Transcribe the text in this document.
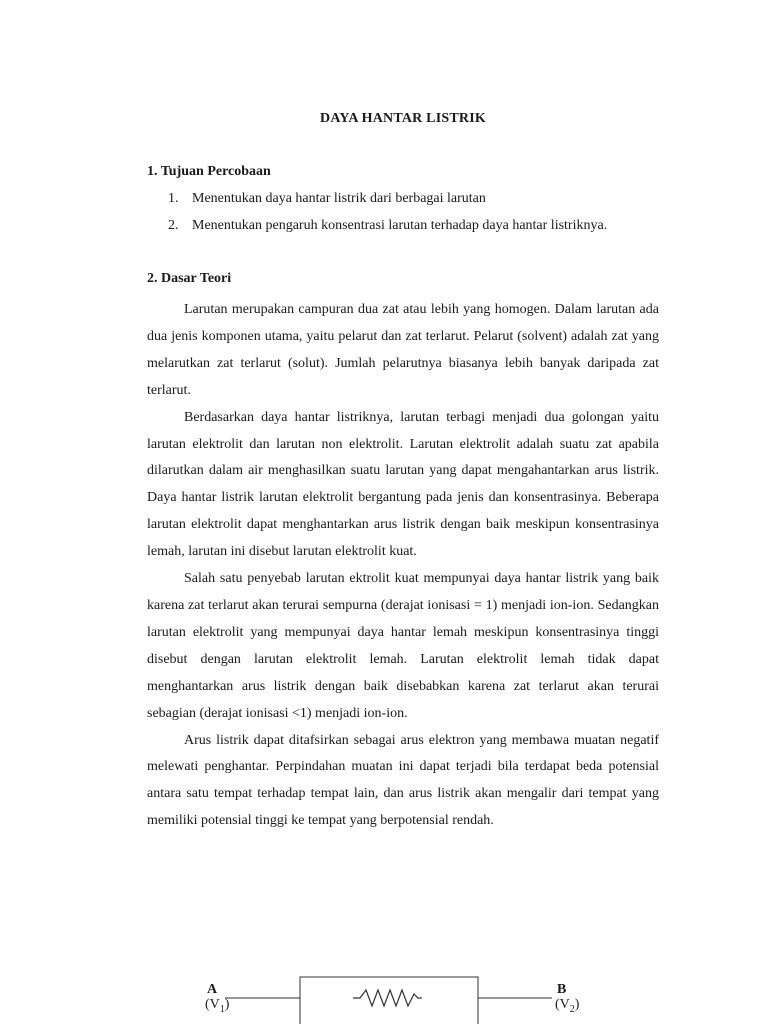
DAYA HANTAR LISTRIK
1. Tujuan Percobaan
1. Menentukan daya hantar listrik dari berbagai larutan
2. Menentukan pengaruh konsentrasi larutan terhadap daya hantar listriknya.
2. Dasar Teori

Larutan merupakan campuran dua zat atau lebih yang homogen. Dalam larutan ada dua jenis komponen utama, yaitu pelarut dan zat terlarut. Pelarut (solvent) adalah zat yang melarutkan zat terlarut (solut). Jumlah pelarutnya biasanya lebih banyak daripada zat terlarut.

Berdasarkan daya hantar listriknya, larutan terbagi menjadi dua golongan yaitu larutan elektrolit dan larutan non elektrolit. Larutan elektrolit adalah suatu zat apabila dilarutkan dalam air menghasilkan suatu larutan yang dapat mengahantarkan arus listrik. Daya hantar listrik larutan elektrolit bergantung pada jenis dan konsentrasinya. Beberapa larutan elektrolit dapat menghantarkan arus listrik dengan baik meskipun konsentrasinya lemah, larutan ini disebut larutan elektrolit kuat.

Salah satu penyebab larutan ektrolit kuat mempunyai daya hantar listrik yang baik karena zat terlarut akan terurai sempurna (derajat ionisasi = 1) menjadi ion-ion. Sedangkan larutan elektrolit yang mempunyai daya hantar lemah meskipun konsentrasinya tinggi disebut dengan larutan elektrolit lemah. Larutan elektrolit lemah tidak dapat menghantarkan arus listrik dengan baik disebabkan karena zat terlarut akan terurai sebagian (derajat ionisasi <1) menjadi ion-ion.

Arus listrik dapat ditafsirkan sebagai arus elektron yang membawa muatan negatif melewati penghantar. Perpindahan muatan ini dapat terjadi bila terdapat beda potensial antara satu tempat terhadap tempat lain, dan arus listrik akan mengalir dari tempat yang memiliki potensial tinggi ke tempat yang berpotensial rendah.

A
$(V_1)$
B
$(V_2)$
